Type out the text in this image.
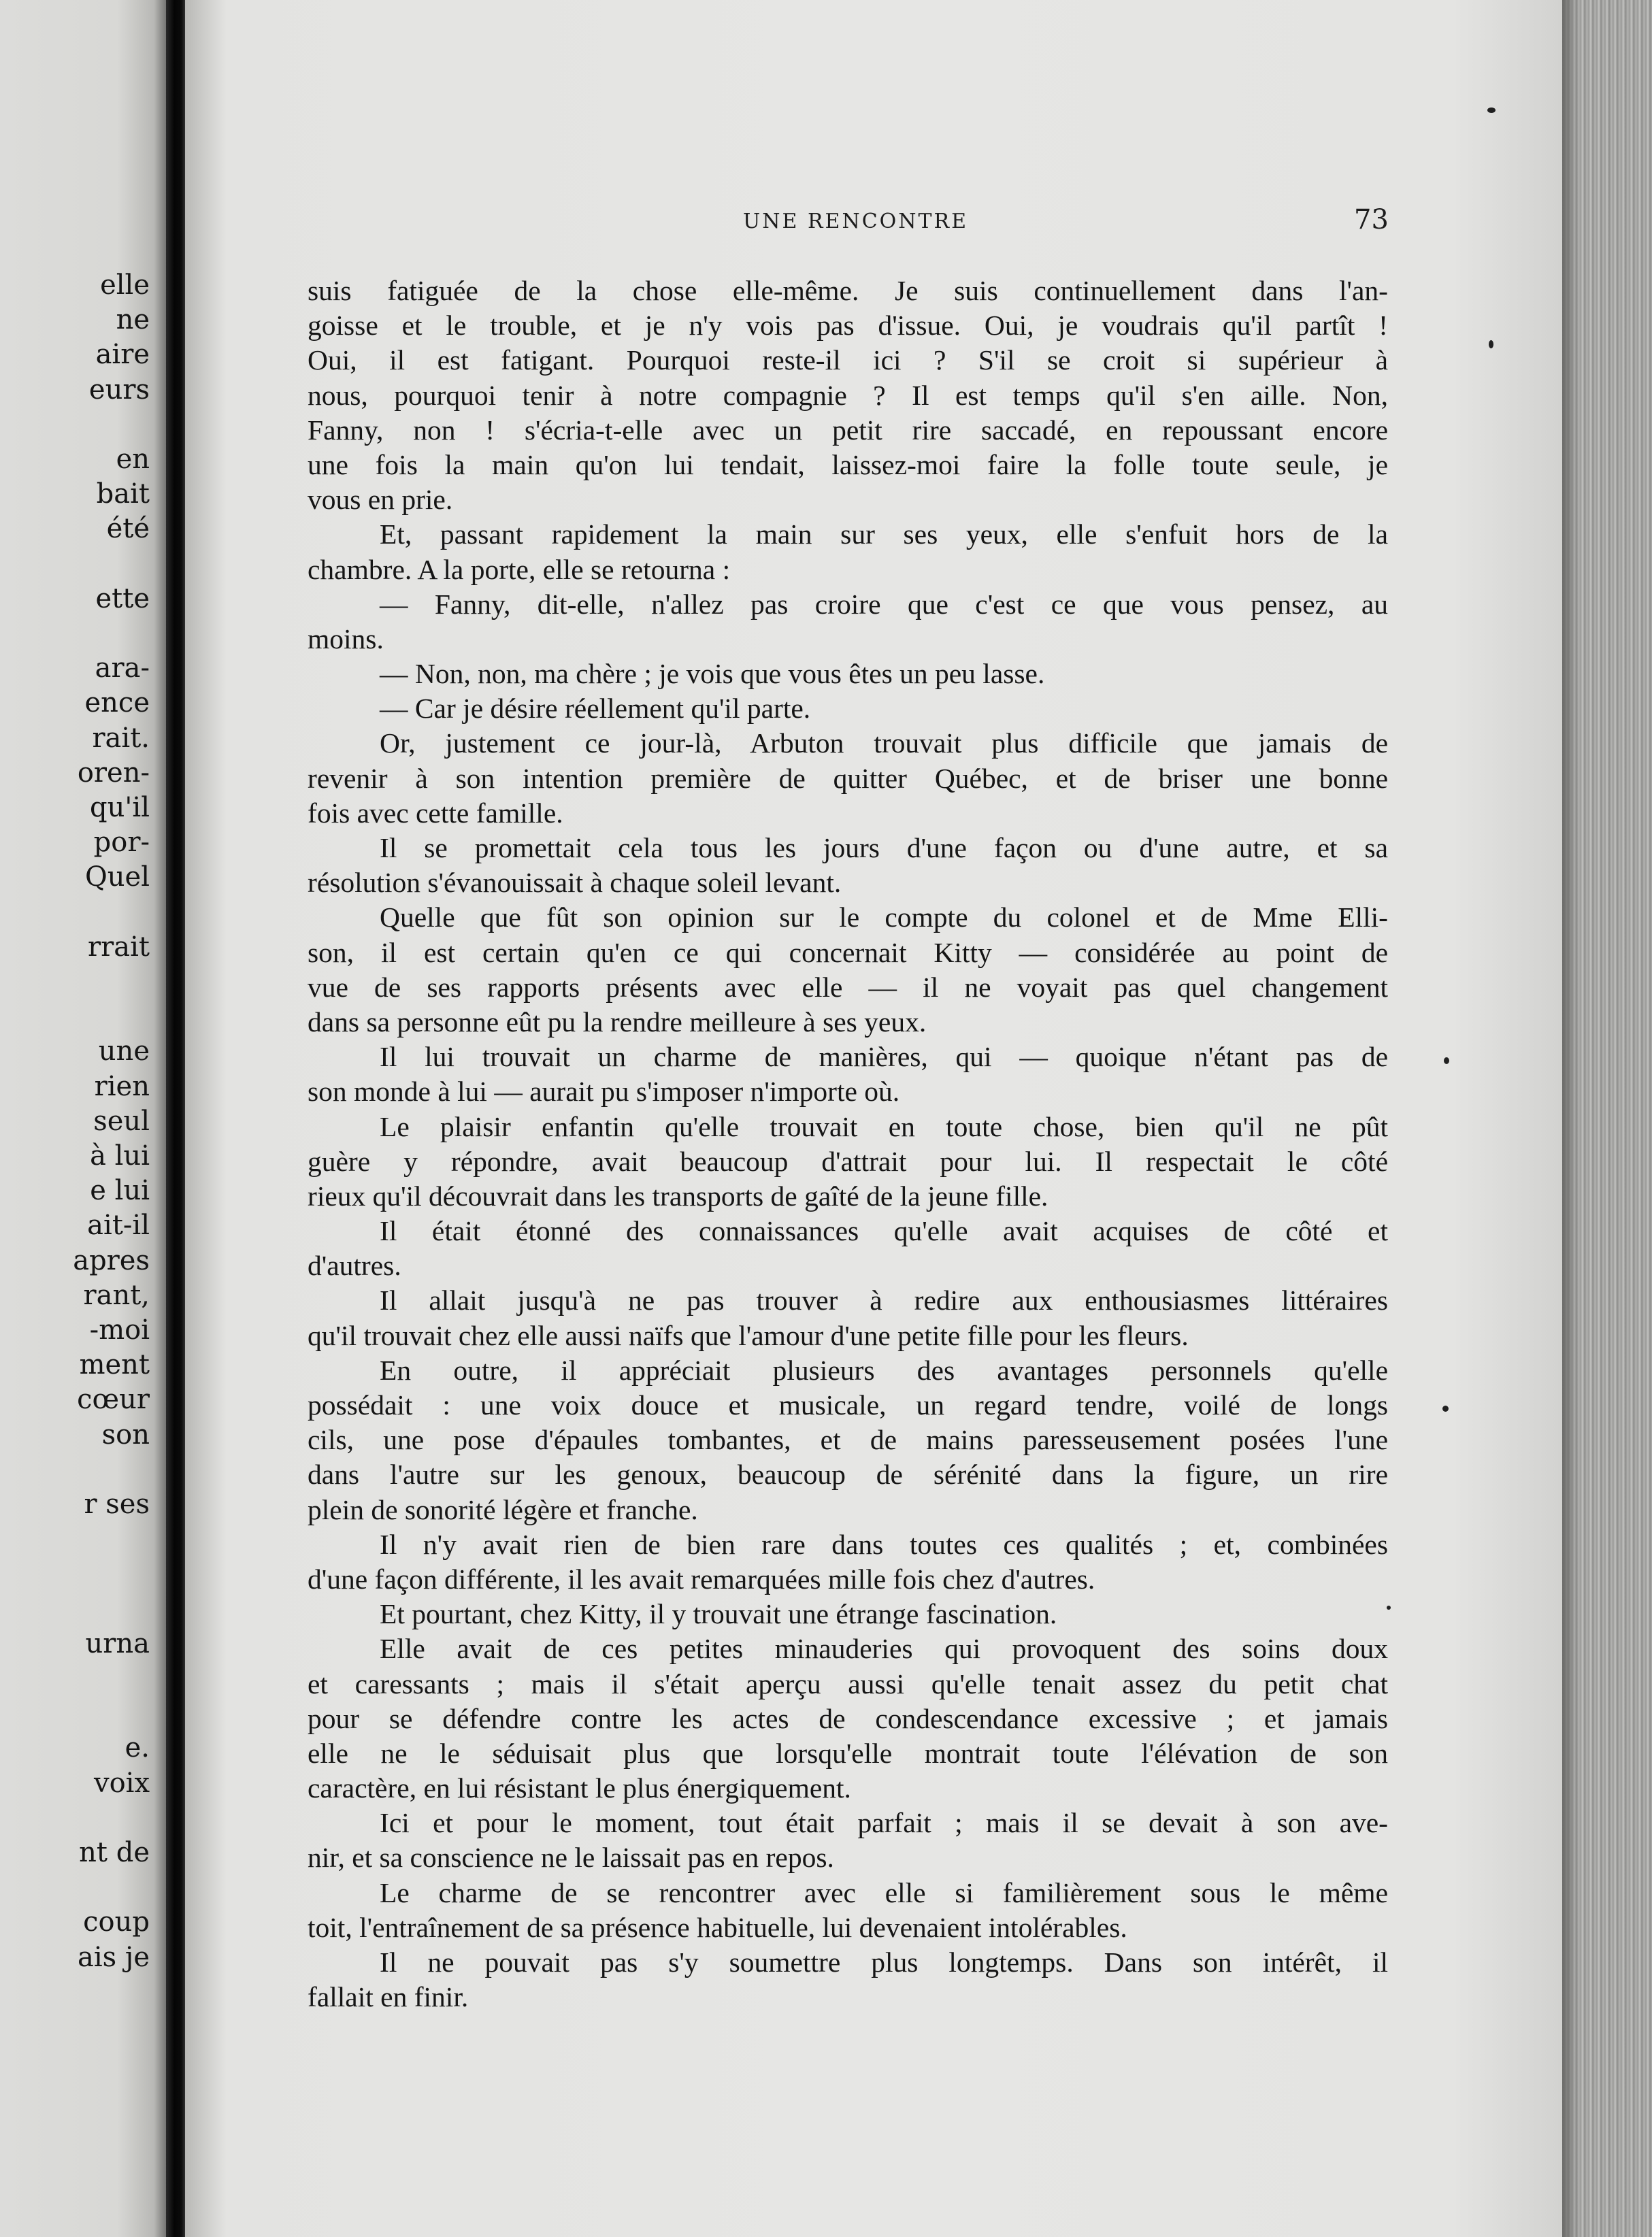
elle
ne
aire
eurs
en
bait
été
ette
ara-
ence
rait.
oren-
qu'il
por-
Quel
rrait
une
rien
seul
à lui
e lui
ait-il
apres
rant,
-moi
ment
cœur
son
r ses
urna
e.
voix
nt de
coup
ais je
UNE RENCONTRE	73
suis fatiguée de la chose elle-même. Je suis continuellement dans l'an-
goisse et le trouble, et je n'y vois pas d'issue. Oui, je voudrais qu'il partît !
Oui, il est fatigant. Pourquoi reste-il ici ? S'il se croit si supérieur à
nous, pourquoi tenir à notre compagnie ? Il est temps qu'il s'en aille. Non,
Fanny, non ! s'écria-t-elle avec un petit rire saccadé, en repoussant encore
une fois la main qu'on lui tendait, laissez-moi faire la folle toute seule, je
vous en prie.
Et, passant rapidement la main sur ses yeux, elle s'enfuit hors de la
chambre. A la porte, elle se retourna :
— Fanny, dit-elle, n'allez pas croire que c'est ce que vous pensez, au
moins.
— Non, non, ma chère ; je vois que vous êtes un peu lasse.
— Car je désire réellement qu'il parte.
Or, justement ce jour-là, Arbuton trouvait plus difficile que jamais de
revenir à son intention première de quitter Québec, et de briser une bonne
fois avec cette famille.
Il se promettait cela tous les jours d'une façon ou d'une autre, et sa
résolution s'évanouissait à chaque soleil levant.
Quelle que fût son opinion sur le compte du colonel et de Mme Elli-
son, il est certain qu'en ce qui concernait Kitty — considérée au point de
vue de ses rapports présents avec elle — il ne voyait pas quel changement
dans sa personne eût pu la rendre meilleure à ses yeux.
Il lui trouvait un charme de manières, qui — quoique n'étant pas de
son monde à lui — aurait pu s'imposer n'importe où.
Le plaisir enfantin qu'elle trouvait en toute chose, bien qu'il ne pût
guère y répondre, avait beaucoup d'attrait pour lui. Il respectait le côté
rieux qu'il découvrait dans les transports de gaîté de la jeune fille.
Il était étonné des connaissances qu'elle avait acquises de côté et
d'autres.
Il allait jusqu'à ne pas trouver à redire aux enthousiasmes littéraires
qu'il trouvait chez elle aussi naïfs que l'amour d'une petite fille pour les fleurs.
En outre, il appréciait plusieurs des avantages personnels qu'elle
possédait : une voix douce et musicale, un regard tendre, voilé de longs
cils, une pose d'épaules tombantes, et de mains paresseusement posées l'une
dans l'autre sur les genoux, beaucoup de sérénité dans la figure, un rire
plein de sonorité légère et franche.
Il n'y avait rien de bien rare dans toutes ces qualités ; et, combinées
d'une façon différente, il les avait remarquées mille fois chez d'autres.
Et pourtant, chez Kitty, il y trouvait une étrange fascination.
Elle avait de ces petites minauderies qui provoquent des soins doux
et caressants ; mais il s'était aperçu aussi qu'elle tenait assez du petit chat
pour se défendre contre les actes de condescendance excessive ; et jamais
elle ne le séduisait plus que lorsqu'elle montrait toute l'élévation de son
caractère, en lui résistant le plus énergiquement.
Ici et pour le moment, tout était parfait ; mais il se devait à son ave-
nir, et sa conscience ne le laissait pas en repos.
Le charme de se rencontrer avec elle si familièrement sous le même
toit, l'entraînement de sa présence habituelle, lui devenaient intolérables.
Il ne pouvait pas s'y soumettre plus longtemps. Dans son intérêt, il
fallait en finir.
